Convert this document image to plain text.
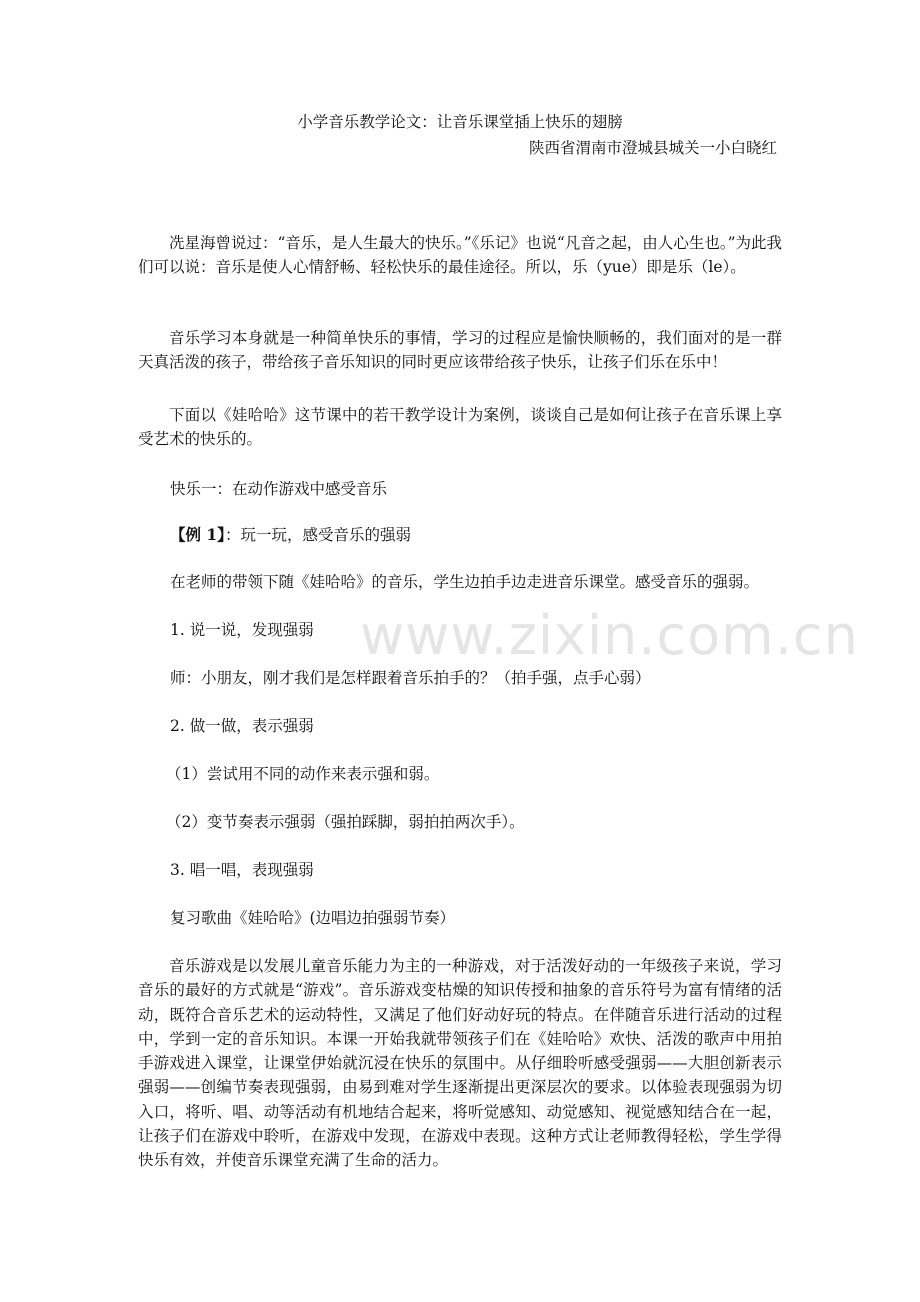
小学音乐教学论文：让音乐课堂插上快乐的翅膀
陕西省渭南市澄城县城关一小白晓红
冼星海曾说过：“音乐，是人生最大的快乐。”《乐记》也说“凡音之起，由人心生也。”为此我们可以说：音乐是使人心情舒畅、轻松快乐的最佳途径。所以，乐（yue）即是乐（le）。
音乐学习本身就是一种简单快乐的事情，学习的过程应是愉快顺畅的，我们面对的是一群天真活泼的孩子，带给孩子音乐知识的同时更应该带给孩子快乐，让孩子们乐在乐中！
下面以《娃哈哈》这节课中的若干教学设计为案例，谈谈自己是如何让孩子在音乐课上享受艺术的快乐的。
快乐一：在动作游戏中感受音乐
【例 1】：玩一玩，感受音乐的强弱
在老师的带领下随《娃哈哈》的音乐，学生边拍手边走进音乐课堂。感受音乐的强弱。
1. 说一说，发现强弱
师：小朋友，刚才我们是怎样跟着音乐拍手的？（拍手强，点手心弱）
2. 做一做，表示强弱
（1）尝试用不同的动作来表示强和弱。
（2）变节奏表示强弱（强拍踩脚，弱拍拍两次手）。
3. 唱一唱，表现强弱
复习歌曲《娃哈哈》(边唱边拍强弱节奏）
音乐游戏是以发展儿童音乐能力为主的一种游戏，对于活泼好动的一年级孩子来说，学习音乐的最好的方式就是“游戏”。音乐游戏变枯燥的知识传授和抽象的音乐符号为富有情绪的活动，既符合音乐艺术的运动特性，又满足了他们好动好玩的特点。在伴随音乐进行活动的过程中，学到一定的音乐知识。本课一开始我就带领孩子们在《娃哈哈》欢快、活泼的歌声中用拍手游戏进入课堂，让课堂伊始就沉浸在快乐的氛围中。从仔细聆听感受强弱——大胆创新表示强弱——创编节奏表现强弱，由易到难对学生逐渐提出更深层次的要求。以体验表现强弱为切入口，将听、唱、动等活动有机地结合起来，将听觉感知、动觉感知、视觉感知结合在一起，让孩子们在游戏中聆听，在游戏中发现，在游戏中表现。这种方式让老师教得轻松，学生学得快乐有效，并使音乐课堂充满了生命的活力。
www.zixin.com.cn
